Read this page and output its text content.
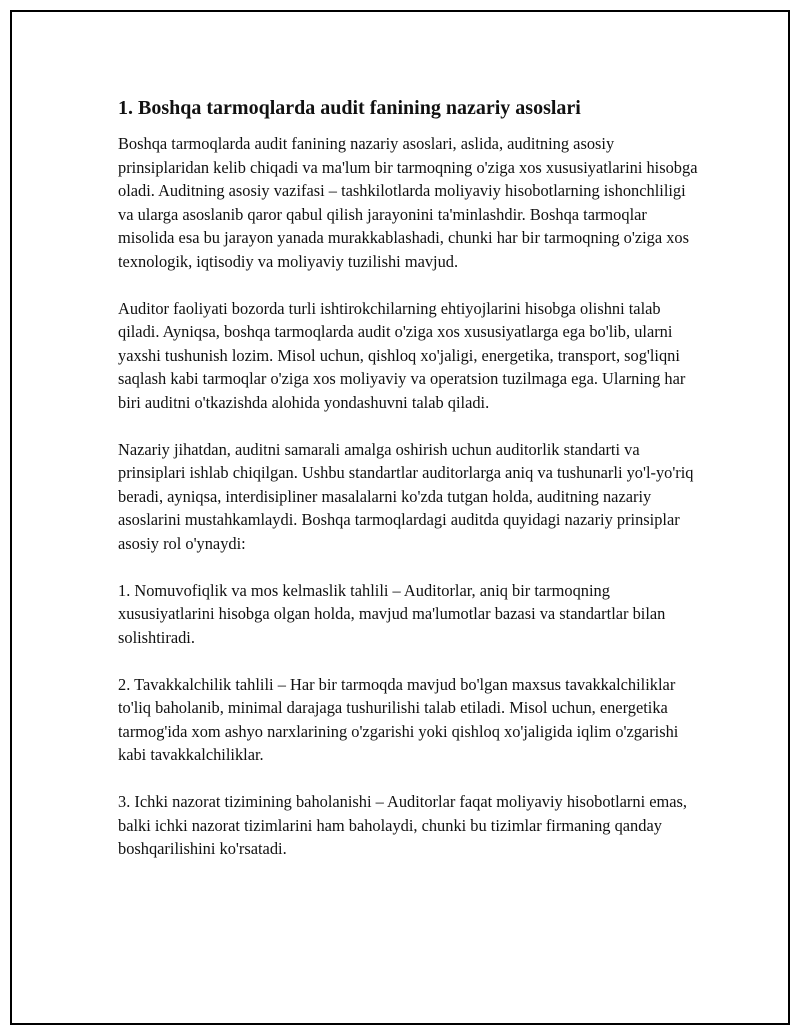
1. Boshqa tarmoqlarda audit fanining nazariy asoslari

Boshqa tarmoqlarda audit fanining nazariy asoslari, aslida, auditning asosiy prinsiplaridan kelib chiqadi va ma'lum bir tarmoqning o'ziga xos xususiyatlarini hisobga oladi. Auditning asosiy vazifasi – tashkilotlarda moliyaviy hisobotlarning ishonchliligi va ularga asoslanib qaror qabul qilish jarayonini ta'minlashdir. Boshqa tarmoqlar misolida esa bu jarayon yanada murakkablashadi, chunki har bir tarmoqning o'ziga xos texnologik, iqtisodiy va moliyaviy tuzilishi mavjud.

Auditor faoliyati bozorda turli ishtirokchilarning ehtiyojlarini hisobga olishni talab qiladi. Ayniqsa, boshqa tarmoqlarda audit o'ziga xos xususiyatlarga ega bo'lib, ularni yaxshi tushunish lozim. Misol uchun, qishloq xo'jaligi, energetika, transport, sog'liqni saqlash kabi tarmoqlar o'ziga xos moliyaviy va operatsion tuzilmaga ega. Ularning har biri auditni o'tkazishda alohida yondashuvni talab qiladi.

Nazariy jihatdan, auditni samarali amalga oshirish uchun auditorlik standarti va prinsiplari ishlab chiqilgan. Ushbu standartlar auditorlarga aniq va tushunarli yo'l-yo'riq beradi, ayniqsa, interdisipliner masalalarni ko'zda tutgan holda, auditning nazariy asoslarini mustahkamlaydi. Boshqa tarmoqlardagi auditda quyidagi nazariy prinsiplar asosiy rol o'ynaydi:

1. Nomuvofiqlik va mos kelmaslik tahlili – Auditorlar, aniq bir tarmoqning xususiyatlarini hisobga olgan holda, mavjud ma'lumotlar bazasi va standartlar bilan solishtiradi.

2. Tavakkalchilik tahlili – Har bir tarmoqda mavjud bo'lgan maxsus tavakkalchiliklar to'liq baholanib, minimal darajaga tushurilishi talab etiladi. Misol uchun, energetika tarmog'ida xom ashyo narxlarining o'zgarishi yoki qishloq xo'jaligida iqlim o'zgarishi kabi tavakkalchiliklar.

3. Ichki nazorat tizimining baholanishi – Auditorlar faqat moliyaviy hisobotlarni emas, balki ichki nazorat tizimlarini ham baholaydi, chunki bu tizimlar firmaning qanday boshqarilishini ko'rsatadi.
